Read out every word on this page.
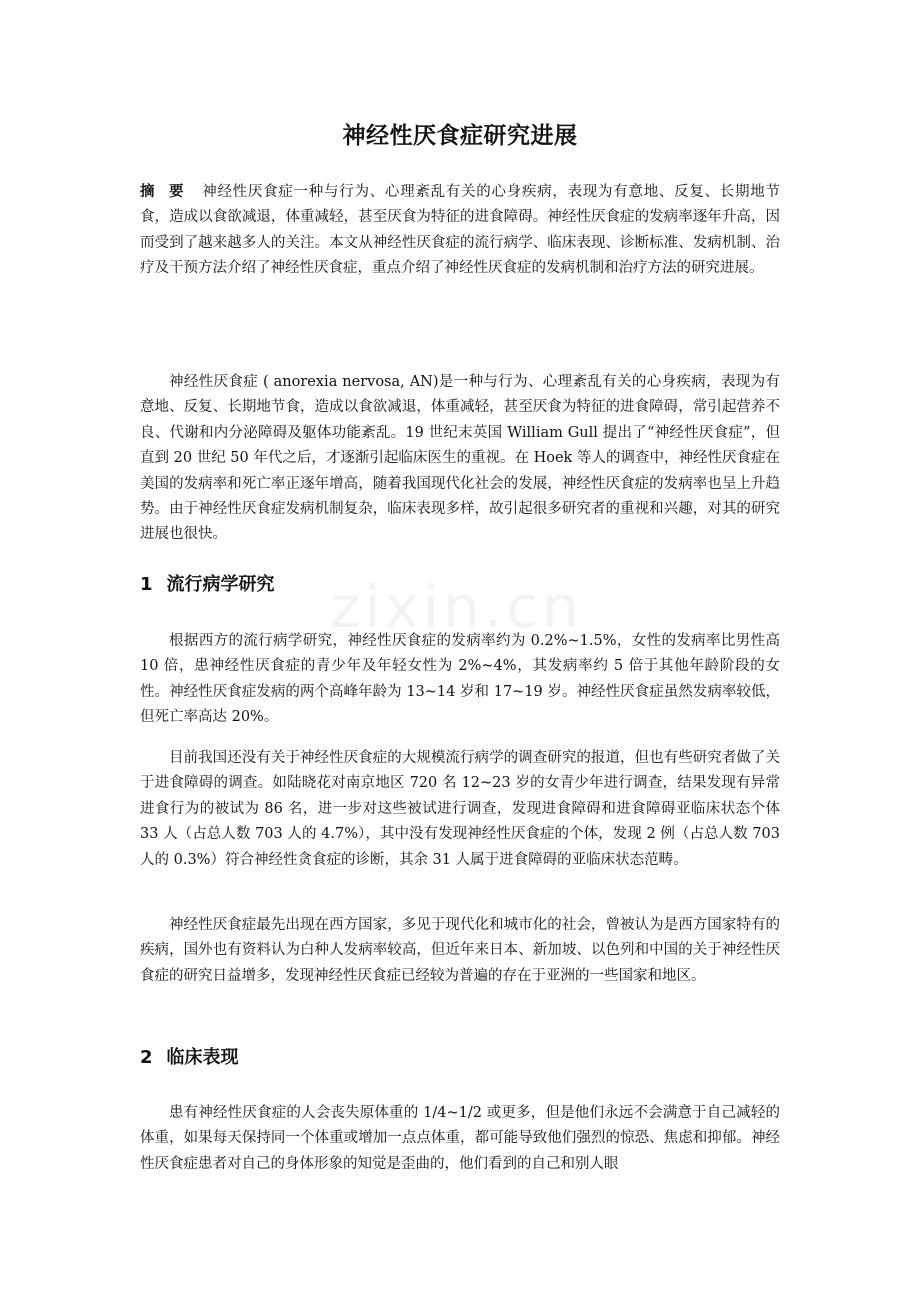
神经性厌食症研究进展

摘 要 神经性厌食症一种与行为、心理紊乱有关的心身疾病，表现为有意地、反复、长期地节食，造成以食欲减退，体重减轻，甚至厌食为特征的进食障碍。神经性厌食症的发病率逐年升高，因而受到了越来越多人的关注。本文从神经性厌食症的流行病学、临床表现、诊断标准、发病机制、治疗及干预方法介绍了神经性厌食症，重点介绍了神经性厌食症的发病机制和治疗方法的研究进展。

神经性厌食症 ( anorexia nervosa, AN)是一种与行为、心理紊乱有关的心身疾病，表现为有意地、反复、长期地节食，造成以食欲减退，体重减轻，甚至厌食为特征的进食障碍，常引起营养不良、代谢和内分泌障碍及躯体功能紊乱。19 世纪末英国 William Gull 提出了“神经性厌食症”，但直到 20 世纪 50 年代之后，才逐渐引起临床医生的重视。在 Hoek 等人的调查中，神经性厌食症在美国的发病率和死亡率正逐年增高，随着我国现代化社会的发展，神经性厌食症的发病率也呈上升趋势。由于神经性厌食症发病机制复杂，临床表现多样，故引起很多研究者的重视和兴趣，对其的研究进展也很快。

1 流行病学研究

根据西方的流行病学研究，神经性厌食症的发病率约为 0.2%~1.5%，女性的发病率比男性高 10 倍，患神经性厌食症的青少年及年轻女性为 2%~4%，其发病率约 5 倍于其他年龄阶段的女性。神经性厌食症发病的两个高峰年龄为 13~14 岁和 17~19 岁。神经性厌食症虽然发病率较低，但死亡率高达 20%。

目前我国还没有关于神经性厌食症的大规模流行病学的调查研究的报道，但也有些研究者做了关于进食障碍的调查。如陆晓花对南京地区 720 名 12~23 岁的女青少年进行调查，结果发现有异常进食行为的被试为 86 名，进一步对这些被试进行调查，发现进食障碍和进食障碍亚临床状态个体 33 人（占总人数 703 人的 4.7%），其中没有发现神经性厌食症的个体，发现 2 例（占总人数 703 人的 0.3%）符合神经性贪食症的诊断，其余 31 人属于进食障碍的亚临床状态范畴。

神经性厌食症最先出现在西方国家，多见于现代化和城市化的社会，曾被认为是西方国家特有的疾病，国外也有资料认为白种人发病率较高，但近年来日本、新加坡、以色列和中国的关于神经性厌食症的研究日益增多，发现神经性厌食症已经较为普遍的存在于亚洲的一些国家和地区。

2 临床表现

患有神经性厌食症的人会丧失原体重的 1/4~1/2 或更多，但是他们永远不会满意于自己减轻的体重，如果每天保持同一个体重或增加一点点体重，都可能导致他们强烈的惊恐、焦虑和抑郁。神经性厌食症患者对自己的身体形象的知觉是歪曲的，他们看到的自己和别人眼

zixin.cn
